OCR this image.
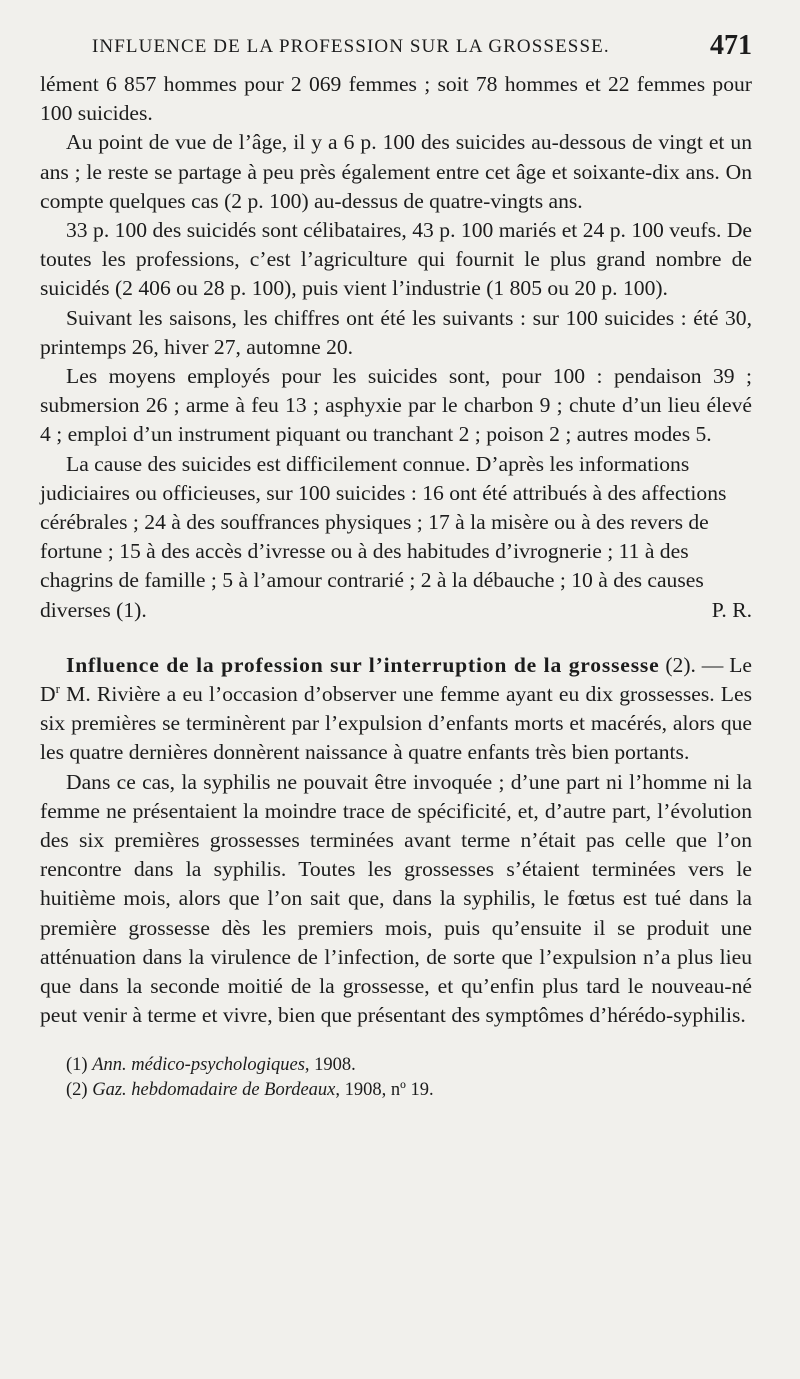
INFLUENCE DE LA PROFESSION SUR LA GROSSESSE.	471

lément 6 857 hommes pour 2 069 femmes ; soit 78 hommes et 22 femmes pour 100 suicides.

Au point de vue de l’âge, il y a 6 p. 100 des suicides au-dessous de vingt et un ans ; le reste se partage à peu près également entre cet âge et soixante-dix ans. On compte quelques cas (2 p. 100) au-dessus de quatre-vingts ans.

33 p. 100 des suicidés sont célibataires, 43 p. 100 mariés et 24 p. 100 veufs. De toutes les professions, c’est l’agriculture qui fournit le plus grand nombre de suicidés (2 406 ou 28 p. 100), puis vient l’industrie (1 805 ou 20 p. 100).

Suivant les saisons, les chiffres ont été les suivants : sur 100 suicides : été 30, printemps 26, hiver 27, automne 20.

Les moyens employés pour les suicides sont, pour 100 : pendaison 39 ; submersion 26 ; arme à feu 13 ; asphyxie par le charbon 9 ; chute d’un lieu élevé 4 ; emploi d’un instrument piquant ou tranchant 2 ; poison 2 ; autres modes 5.

La cause des suicides est difficilement connue. D’après les informations judiciaires ou officieuses, sur 100 suicides : 16 ont été attribués à des affections cérébrales ; 24 à des souffrances physiques ; 17 à la misère ou à des revers de fortune ; 15 à des accès d’ivresse ou à des habitudes d’ivrognerie ; 11 à des chagrins de famille ; 5 à l’amour contrarié ; 2 à la débauche ; 10 à des causes diverses (1).	P. R.

Influence de la profession sur l’interruption de la grossesse (2). — Le $D^r$ M. Rivière a eu l’occasion d’observer une femme ayant eu dix grossesses. Les six premières se terminèrent par l’expulsion d’enfants morts et macérés, alors que les quatre dernières donnèrent naissance à quatre enfants très bien portants.

Dans ce cas, la syphilis ne pouvait être invoquée ; d’une part ni l’homme ni la femme ne présentaient la moindre trace de spécificité, et, d’autre part, l’évolution des six premières grossesses terminées avant terme n’était pas celle que l’on rencontre dans la syphilis. Toutes les grossesses s’étaient terminées vers le huitième mois, alors que l’on sait que, dans la syphilis, le fœtus est tué dans la première grossesse dès les premiers mois, puis qu’ensuite il se produit une atténuation dans la virulence de l’infection, de sorte que l’expulsion n’a plus lieu que dans la seconde moitié de la grossesse, et qu’enfin plus tard le nouveau-né peut venir à terme et vivre, bien que présentant des symptômes d’hérédo-syphilis.

(1) Ann. médico-psychologiques, 1908.

(2) Gaz. hebdomadaire de Bordeaux, 1908, nº 19.
